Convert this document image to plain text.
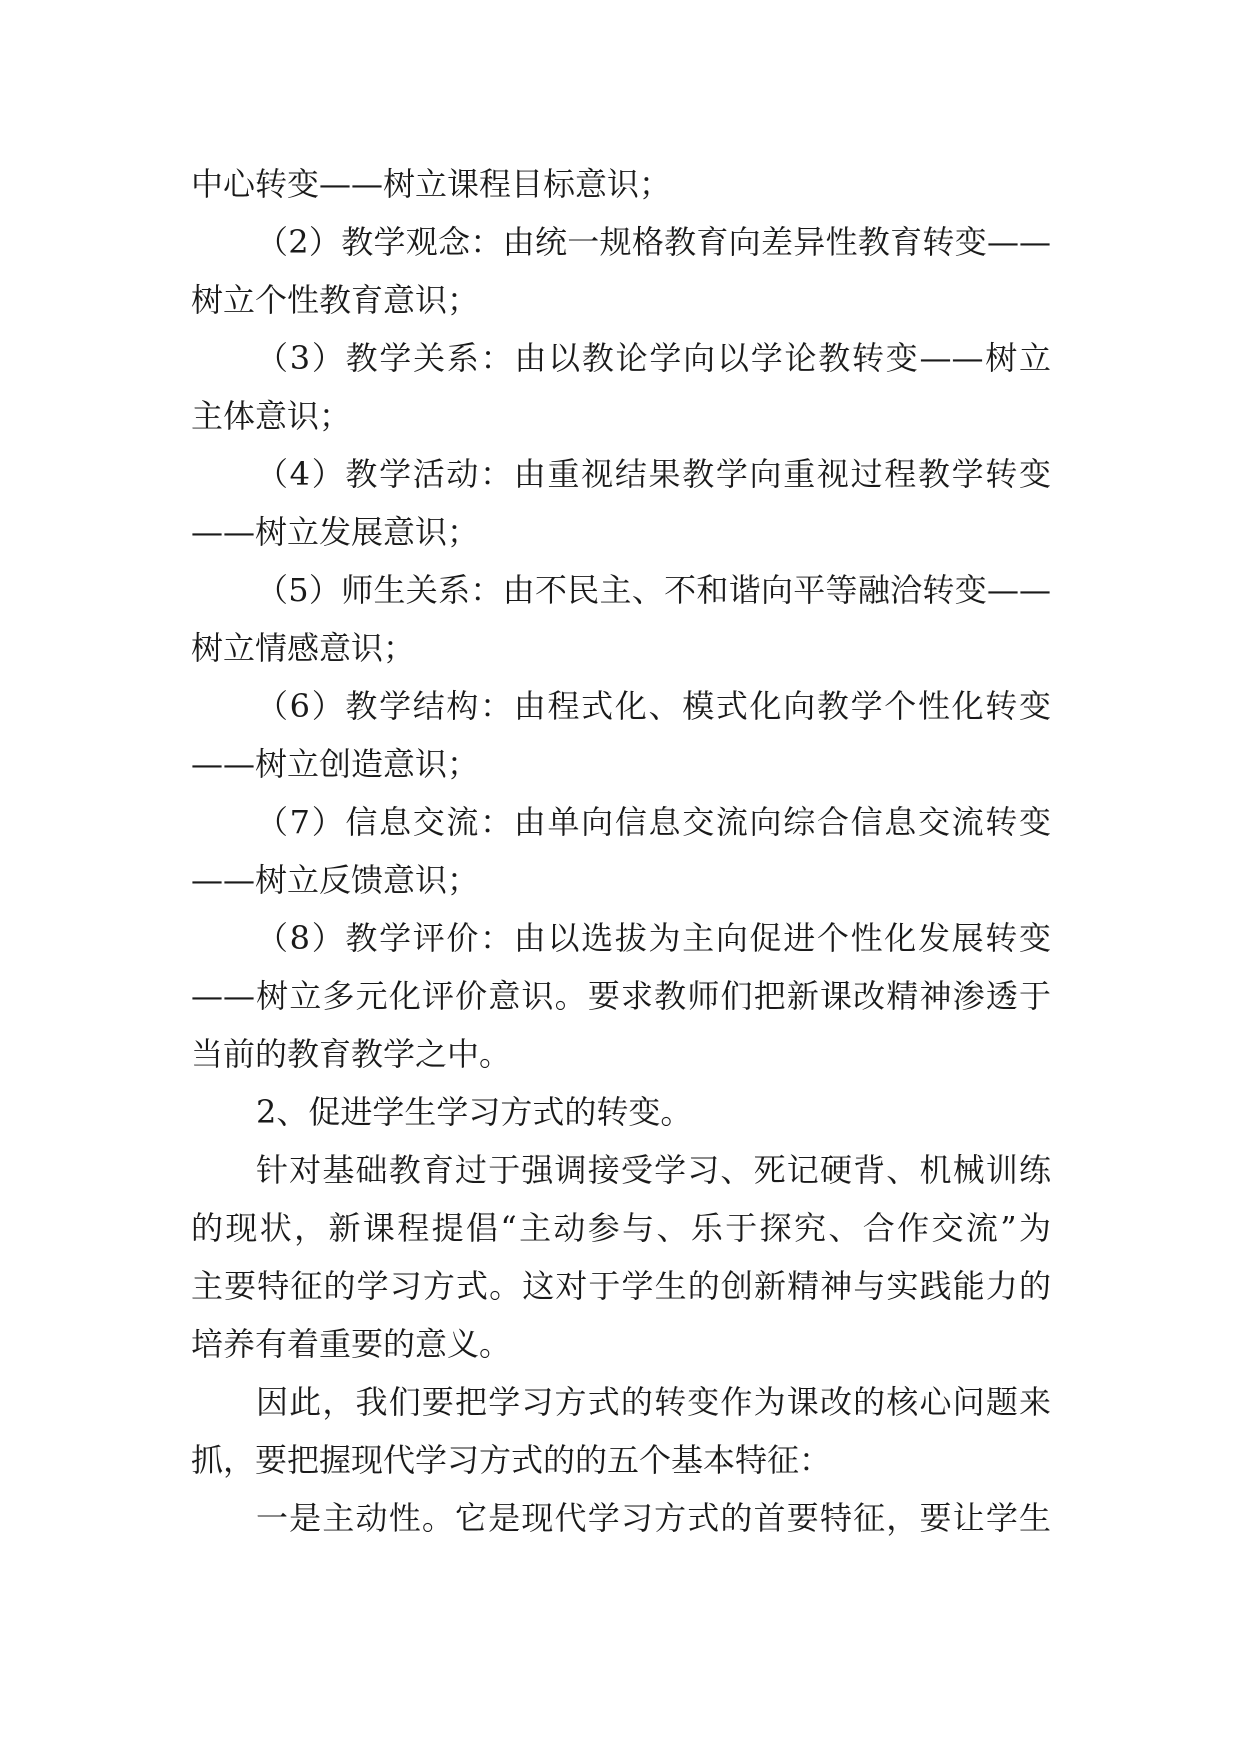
中心转变——树立课程目标意识；
（2）教学观念：由统一规格教育向差异性教育转变——
树立个性教育意识；
（3）教学关系：由以教论学向以学论教转变——树立
主体意识；
（4）教学活动：由重视结果教学向重视过程教学转变
——树立发展意识；
（5）师生关系：由不民主、不和谐向平等融洽转变——
树立情感意识；
（6）教学结构：由程式化、模式化向教学个性化转变
——树立创造意识；
（7）信息交流：由单向信息交流向综合信息交流转变
——树立反馈意识；
（8）教学评价：由以选拔为主向促进个性化发展转变
——树立多元化评价意识。要求教师们把新课改精神渗透于
当前的教育教学之中。
2、促进学生学习方式的转变。
针对基础教育过于强调接受学习、死记硬背、机械训练
的现状，新课程提倡“主动参与、乐于探究、合作交流”为
主要特征的学习方式。这对于学生的创新精神与实践能力的
培养有着重要的意义。
因此，我们要把学习方式的转变作为课改的核心问题来
抓，要把握现代学习方式的的五个基本特征：
一是主动性。它是现代学习方式的首要特征，要让学生
